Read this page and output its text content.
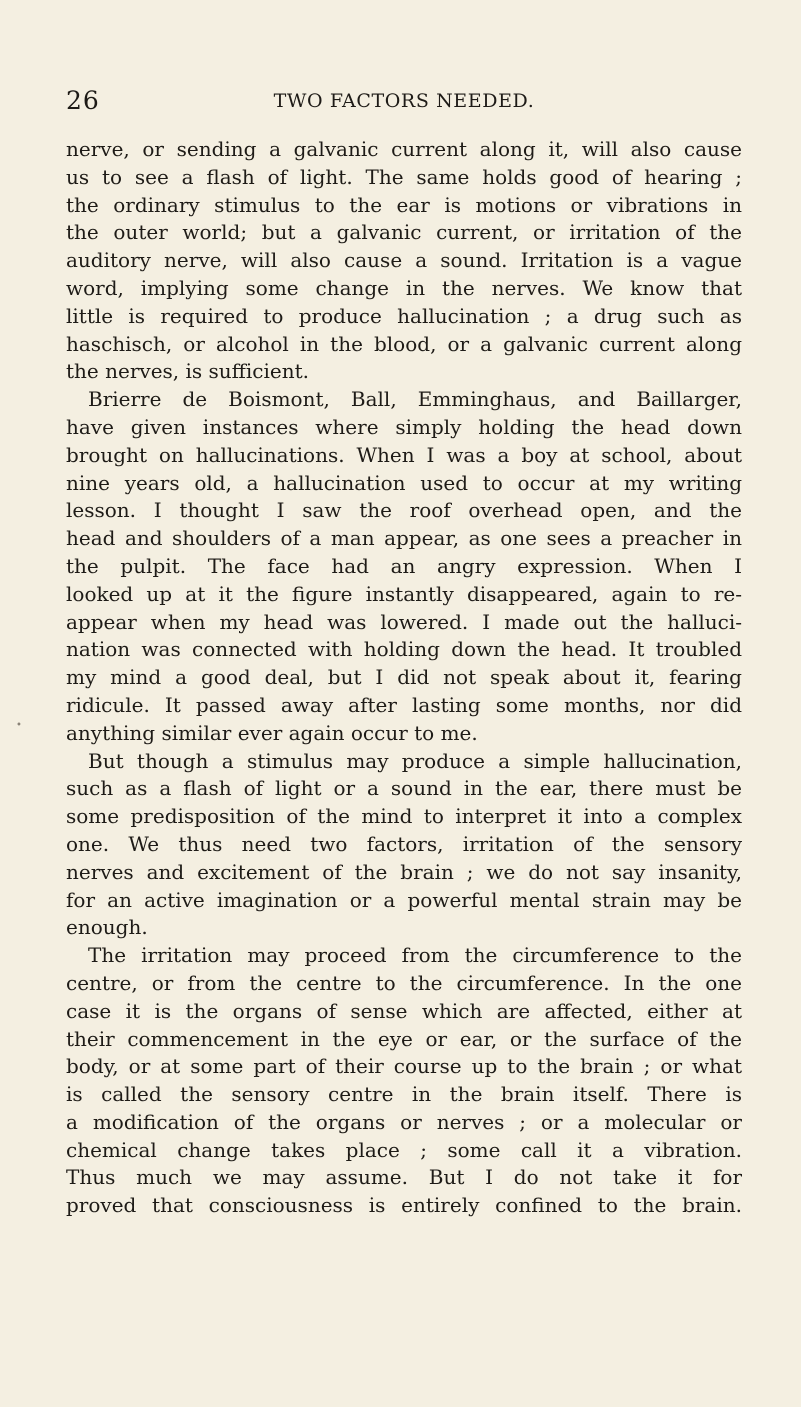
26	TWO FACTORS NEEDED.
•
nerve, or sending a galvanic current along it, will also cause
us to see a flash of light. The same holds good of hearing ;
the ordinary stimulus to the ear is motions or vibrations in
the outer world; but a galvanic current, or irritation of the
auditory nerve, will also cause a sound. Irritation is a vague
word, implying some change in the nerves. We know that
little is required to produce hallucination ; a drug such as
haschisch, or alcohol in the blood, or a galvanic current along
the nerves, is sufficient.
Brierre de Boismont, Ball, Emminghaus, and Baillarger,
have given instances where simply holding the head down
brought on hallucinations. When I was a boy at school, about
nine years old, a hallucination used to occur at my writing
lesson. I thought I saw the roof overhead open, and the
head and shoulders of a man appear, as one sees a preacher in
the pulpit. The face had an angry expression. When I
looked up at it the figure instantly disappeared, again to re-
appear when my head was lowered. I made out the halluci-
nation was connected with holding down the head. It troubled
my mind a good deal, but I did not speak about it, fearing
ridicule. It passed away after lasting some months, nor did
anything similar ever again occur to me.
But though a stimulus may produce a simple hallucination,
such as a flash of light or a sound in the ear, there must be
some predisposition of the mind to interpret it into a complex
one. We thus need two factors, irritation of the sensory
nerves and excitement of the brain ; we do not say insanity,
for an active imagination or a powerful mental strain may be
enough.
The irritation may proceed from the circumference to the
centre, or from the centre to the circumference. In the one
case it is the organs of sense which are affected, either at
their commencement in the eye or ear, or the surface of the
body, or at some part of their course up to the brain ; or what
is called the sensory centre in the brain itself. There is
a modification of the organs or nerves ; or a molecular or
chemical change takes place ; some call it a vibration.
Thus much we may assume. But I do not take it for
proved that consciousness is entirely confined to the brain.
